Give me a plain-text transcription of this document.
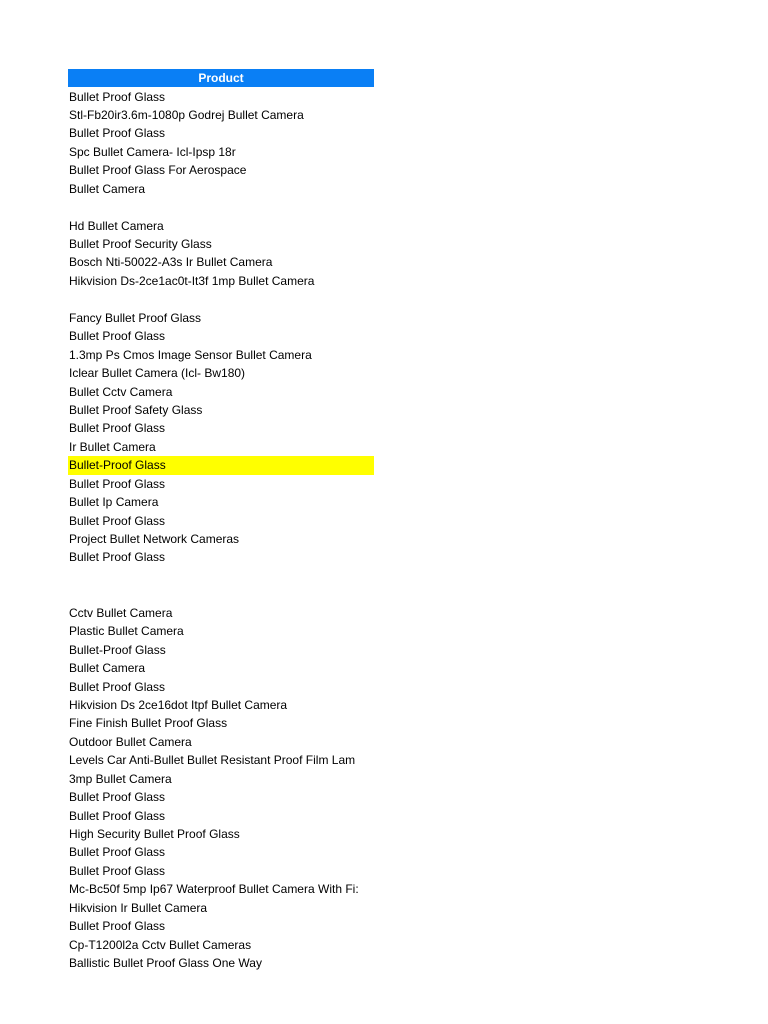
Product
Bullet Proof Glass
Stl-Fb20ir3.6m-1080p Godrej Bullet Camera
Bullet Proof Glass
Spc Bullet Camera- Icl-Ipsp 18r
Bullet Proof Glass For Aerospace
Bullet Camera
Hd Bullet Camera
Bullet Proof Security Glass
Bosch Nti-50022-A3s Ir Bullet Camera
Hikvision Ds-2ce1ac0t-It3f 1mp Bullet Camera
Fancy Bullet Proof Glass
Bullet Proof Glass
1.3mp Ps Cmos Image Sensor Bullet Camera
Iclear Bullet Camera (Icl- Bw180)
Bullet Cctv Camera
Bullet Proof Safety Glass
Bullet Proof Glass
Ir Bullet Camera
Bullet-Proof Glass
Bullet Proof Glass
Bullet Ip Camera
Bullet Proof Glass
Project Bullet Network Cameras
Bullet Proof Glass
Cctv Bullet Camera
Plastic Bullet Camera
Bullet-Proof Glass
Bullet Camera
Bullet Proof Glass
Hikvision Ds 2ce16dot Itpf Bullet Camera
Fine Finish Bullet Proof Glass
Outdoor Bullet Camera
Levels Car Anti-Bullet Bullet Resistant Proof Film Lam
3mp Bullet Camera
Bullet Proof Glass
Bullet Proof Glass
High Security Bullet Proof Glass
Bullet Proof Glass
Bullet Proof Glass
Mc-Bc50f 5mp Ip67 Waterproof Bullet Camera With Fi:
Hikvision Ir Bullet Camera
Bullet Proof Glass
Cp-T1200l2a Cctv Bullet Cameras
Ballistic Bullet Proof Glass One Way
